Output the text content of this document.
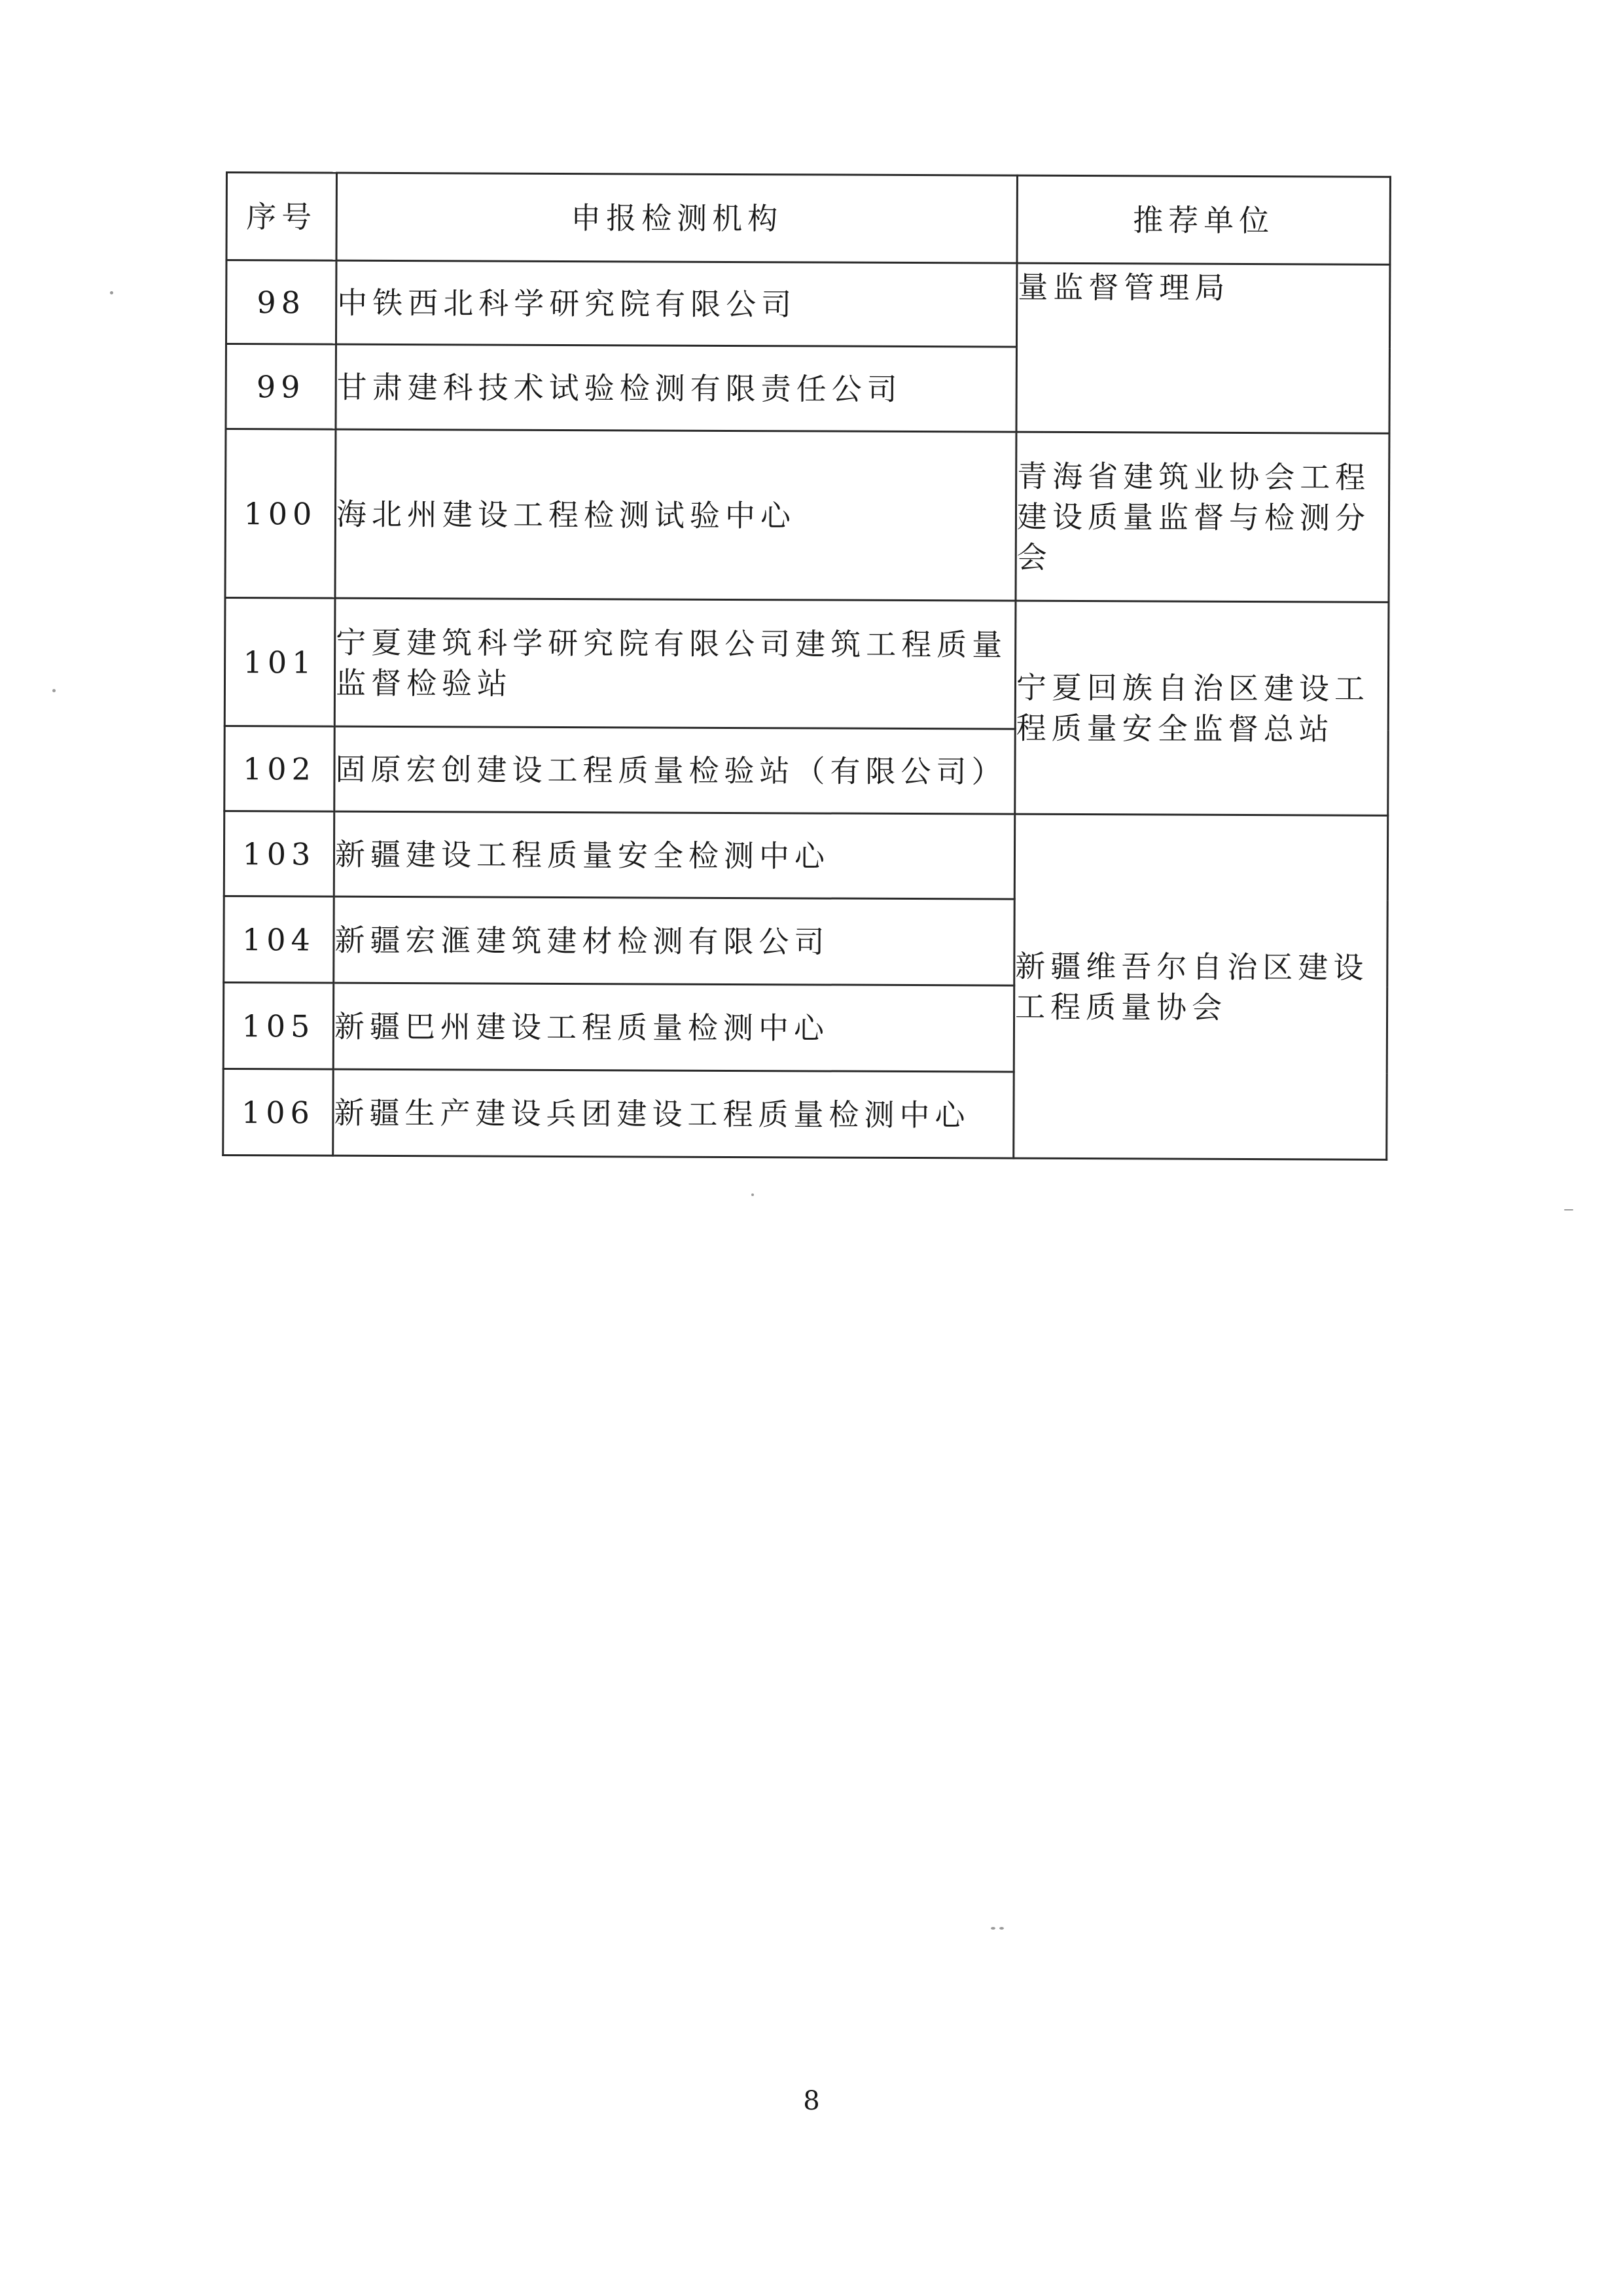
序号	申报检测机构	推荐单位
98	中铁西北科学研究院有限公司	量监督管理局
99	甘肃建科技术试验检测有限责任公司	
100	海北州建设工程检测试验中心	青海省建筑业协会工程建设质量监督与检测分会
101	宁夏建筑科学研究院有限公司建筑工程质量监督检验站	宁夏回族自治区建设工程质量安全监督总站
102	固原宏创建设工程质量检验站（有限公司）	
103	新疆建设工程质量安全检测中心	新疆维吾尔自治区建设工程质量协会
104	新疆宏滙建筑建材检测有限公司	
105	新疆巴州建设工程质量检测中心	
106	新疆生产建设兵团建设工程质量检测中心	
8
